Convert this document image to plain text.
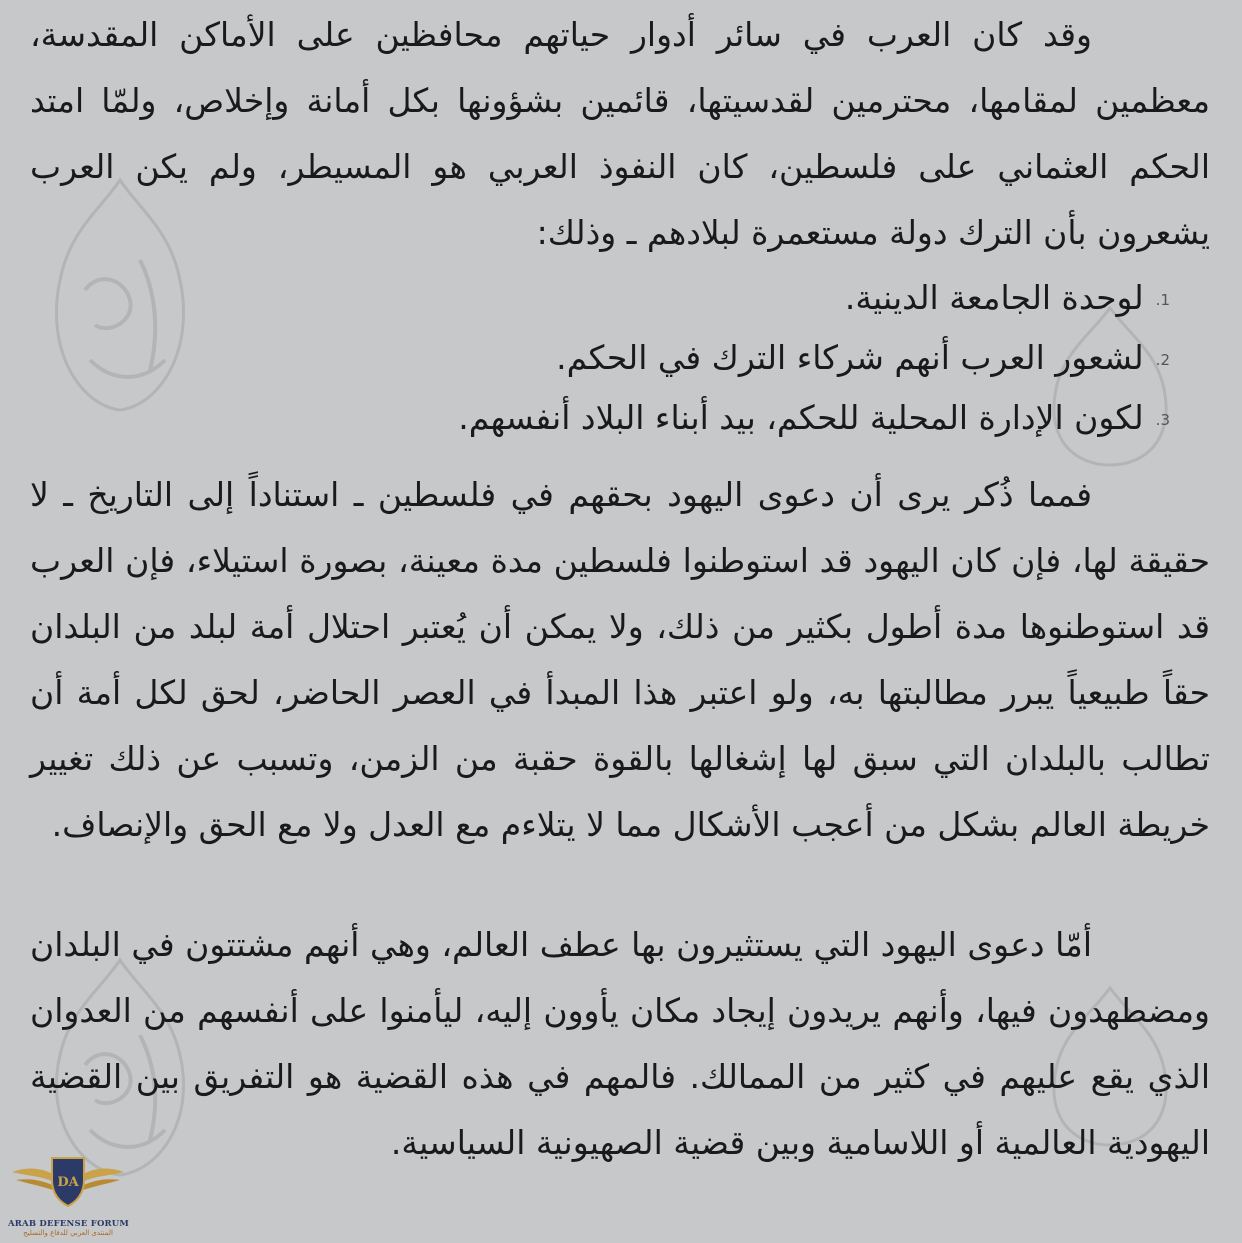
وقد كان العرب في سائر أدوار حياتهم محافظين على الأماكن المقدسة، معظمين لمقامها، محترمين لقدسيتها، قائمين بشؤونها بكل أمانة وإخلاص، ولمّا امتد الحكم العثماني على فلسطين، كان النفوذ العربي هو المسيطر، ولم يكن العرب يشعرون بأن الترك دولة مستعمرة لبلادهم ـ وذلك:

1.لوحدة الجامعة الدينية.
2.لشعور العرب أنهم شركاء الترك في الحكم.
3.لكون الإدارة المحلية للحكم، بيد أبناء البلاد أنفسهم.

فمما ذُكر يرى أن دعوى اليهود بحقهم في فلسطين ـ استناداً إلى التاريخ ـ لا حقيقة لها، فإن كان اليهود قد استوطنوا فلسطين مدة معينة، بصورة استيلاء، فإن العرب قد استوطنوها مدة أطول بكثير من ذلك، ولا يمكن أن يُعتبر احتلال أمة لبلد من البلدان حقاً طبيعياً يبرر مطالبتها به، ولو اعتبر هذا المبدأ في العصر الحاضر، لحق لكل أمة أن تطالب بالبلدان التي سبق لها إشغالها بالقوة حقبة من الزمن، وتسبب عن ذلك تغيير خريطة العالم بشكل من أعجب الأشكال مما لا يتلاءم مع العدل ولا مع الحق والإنصاف.

أمّا دعوى اليهود التي يستثيرون بها عطف العالم، وهي أنهم مشتتون في البلدان ومضطهدون فيها، وأنهم يريدون إيجاد مكان يأوون إليه، ليأمنوا على أنفسهم من العدوان الذي يقع عليهم في كثير من الممالك. فالمهم في هذه القضية هو التفريق بين القضية اليهودية العالمية أو اللاسامية وبين قضية الصهيونية السياسية.

DA
ARAB DEFENSE FORUM
المنتدى العربي للدفاع والتسليح
